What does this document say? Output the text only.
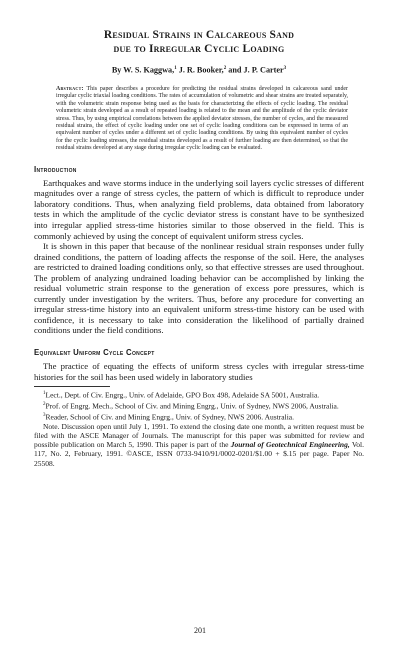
Residual Strains in Calcareous Sand
due to Irregular Cyclic Loading
By W. S. Kaggwa,$^1$ J. R. Booker,$^2$ and J. P. Carter$^3$
Abstract: This paper describes a procedure for predicting the residual strains developed in calcareous sand under irregular cyclic triaxial loading conditions. The rates of accumulation of volumetric and shear strains are treated separately, with the volumetric strain response being used as the basis for characterizing the effects of cyclic loading. The residual volumetric strain developed as a result of repeated loading is related to the mean and the amplitude of the cyclic deviator stress. Thus, by using empirical correlations between the applied deviator stresses, the number of cycles, and the measured residual strains, the effect of cyclic loading under one set of cyclic loading conditions can be expressed in terms of an equivalent number of cycles under a different set of cyclic loading conditions. By using this equivalent number of cycles for the cyclic loading stresses, the residual strains developed as a result of further loading are then determined, so that the residual strains developed at any stage during irregular cyclic loading can be evaluated.
Introduction

Earthquakes and wave storms induce in the underlying soil layers cyclic stresses of different magnitudes over a range of stress cycles, the pattern of which is difficult to reproduce under laboratory conditions. Thus, when analyzing field problems, data obtained from laboratory tests in which the amplitude of the cyclic deviator stress is constant have to be synthesized into irregular applied stress-time histories similar to those observed in the field. This is commonly achieved by using the concept of equivalent uniform stress cycles.

It is shown in this paper that because of the nonlinear residual strain responses under fully drained conditions, the pattern of loading affects the response of the soil. Here, the analyses are restricted to drained loading conditions only, so that effective stresses are used throughout. The problem of analyzing undrained loading behavior can be accomplished by linking the residual volumetric strain response to the generation of excess pore pressures, which is currently under investigation by the writers. Thus, before any procedure for converting an irregular stress-time history into an equivalent uniform stress-time history can be used with confidence, it is necessary to take into consideration the likelihood of partially drained conditions under the field conditions.

Equivalent Uniform Cycle Concept

The practice of equating the effects of uniform stress cycles with irregular stress-time histories for the soil has been used widely in laboratory studies

$^1$Lect., Dept. of Civ. Engrg., Univ. of Adelaide, GPO Box 498, Adelaide SA 5001, Australia.

$^2$Prof. of Engrg. Mech., School of Civ. and Mining Engrg., Univ. of Sydney, NWS 2006, Australia.

$^3$Reader, School of Civ. and Mining Engrg., Univ. of Sydney, NWS 2006. Australia.

Note. Discussion open until July 1, 1991. To extend the closing date one month, a written request must be filed with the ASCE Manager of Journals. The manuscript for this paper was submitted for review and possible publication on March 5, 1990. This paper is part of the Journal of Geotechnical Engineering, Vol. 117, No. 2, February, 1991. ©ASCE, ISSN 0733-9410/91/0002-0201/$1.00 + $.15 per page. Paper No. 25508.

201
